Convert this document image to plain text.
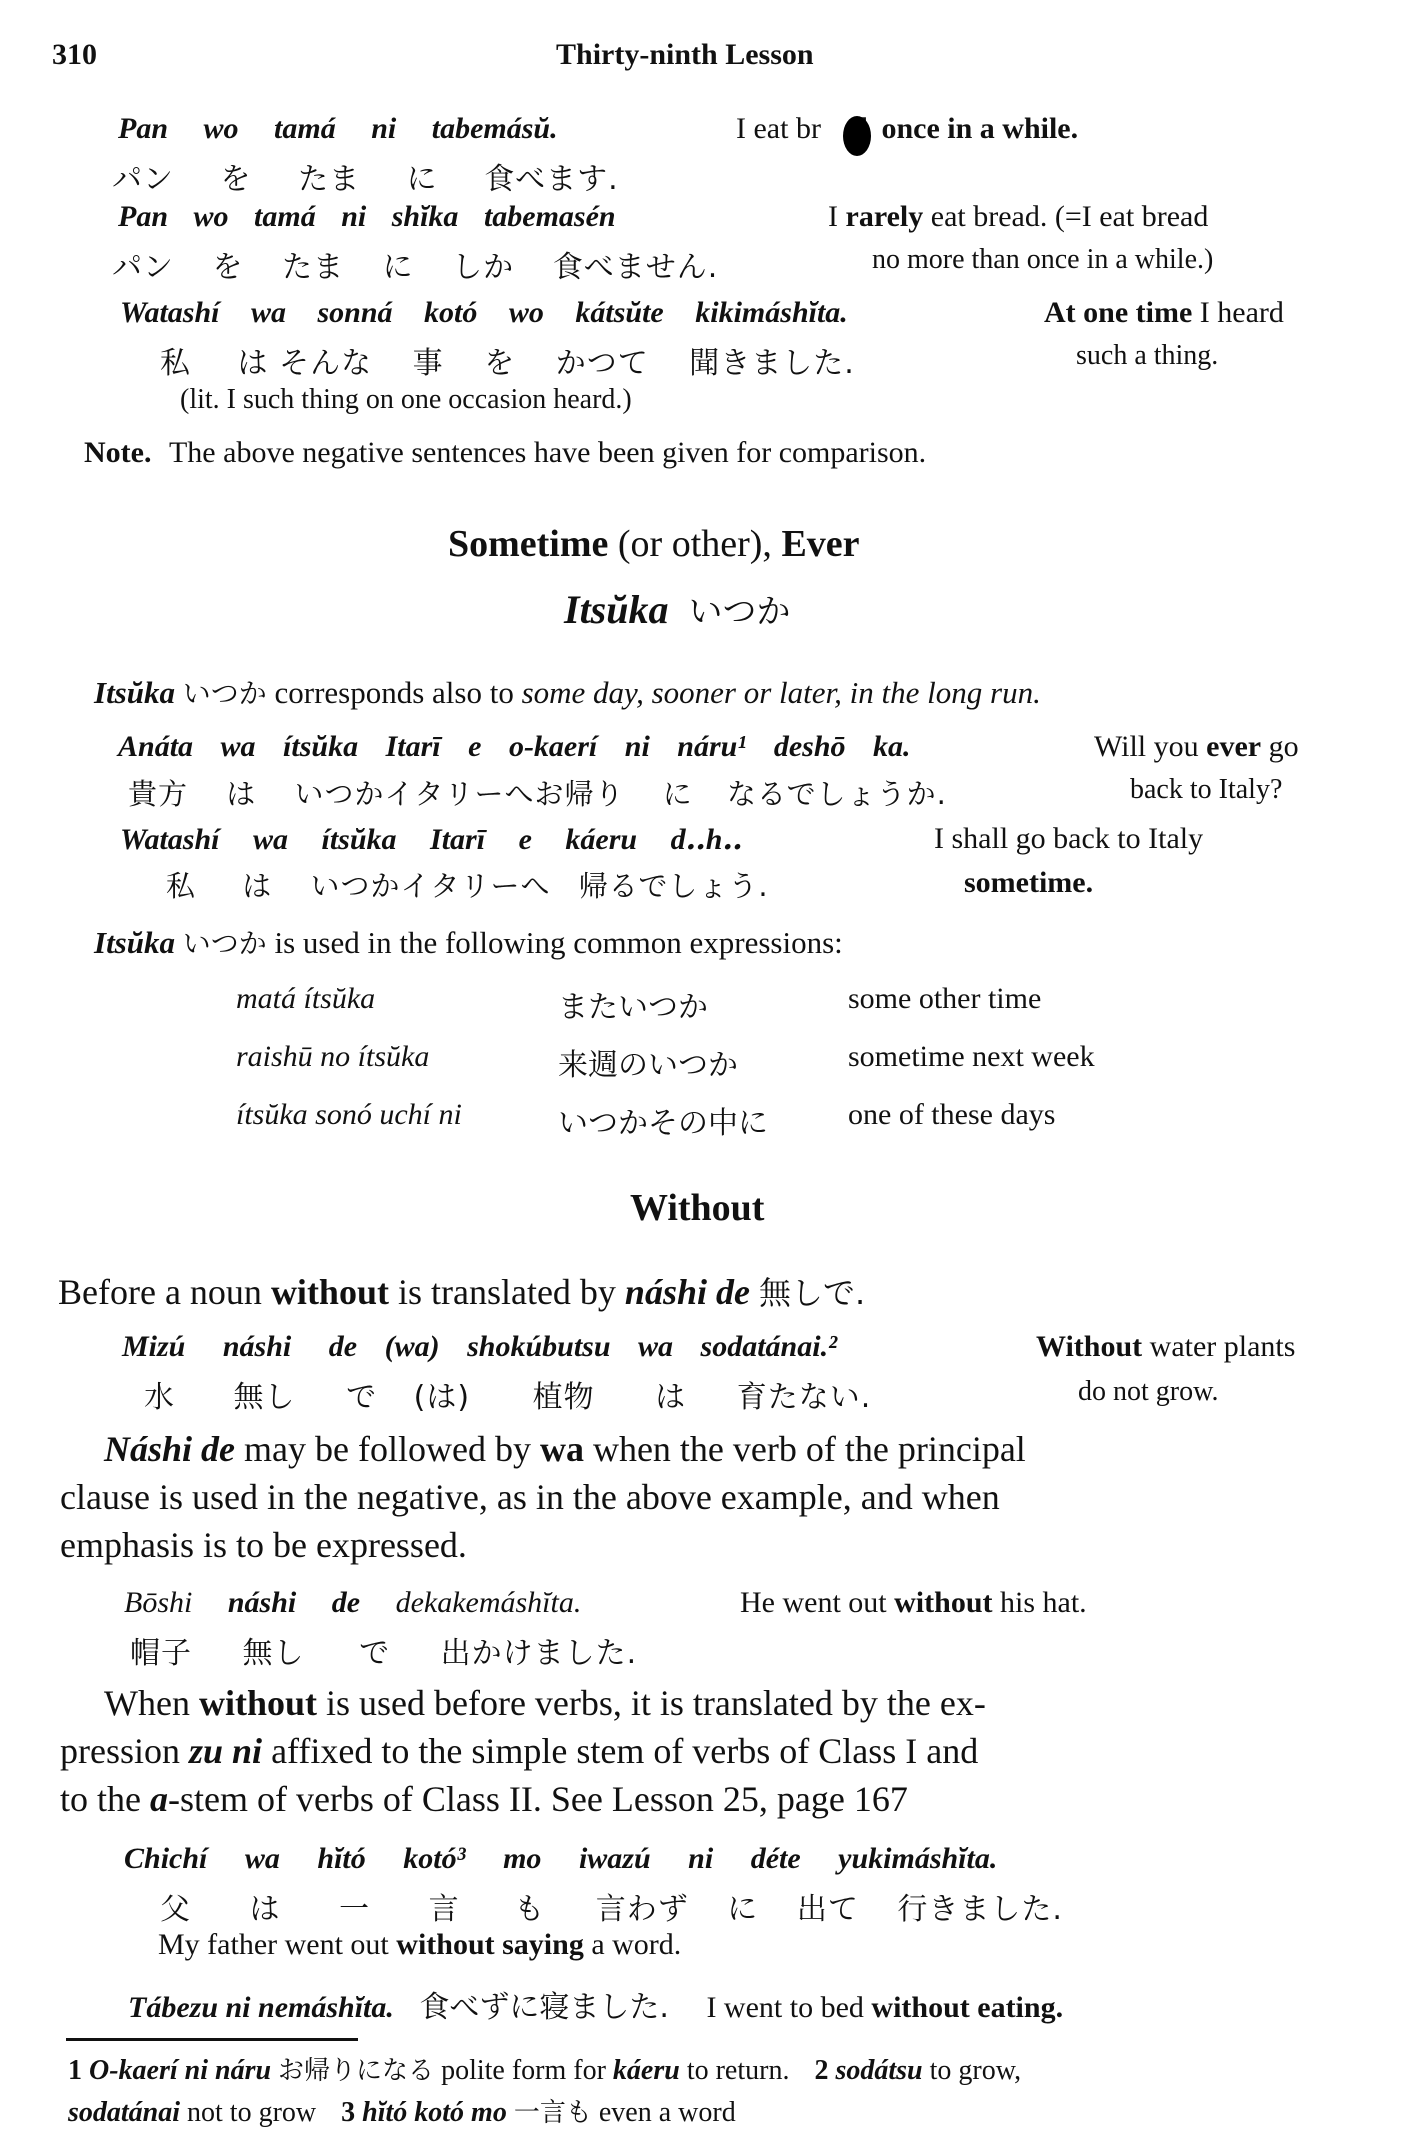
310	Thirty-ninth Lesson
Pan wo tamá ni tabemásŭ.	I eat br once in a while.
パン を たま に 食べます.
Pan wo tamá ni shĭka tabemasén	I rarely eat bread. (=I eat bread
パン を たま に しか 食べません.	no more than once in a while.)
Watashí wa sonná kotó wo kátsŭte kikimáshĭta.	At one time I heard
私 は そんな 事 を かつて 聞きました.	such a thing.
(lit. I such thing on one occasion heard.)
Note. The above negative sentences have been given for comparison.
Sometime (or other), Ever
Itsŭka いつか
Itsŭka いつか corresponds also to some day, sooner or later, in the long run.
Anáta wa ítsŭka Itarī e o-kaerí ni náru¹ deshō ka.	Will you ever go
貴方 は いつかイタリーへお帰り に なるでしょうか.	back to Italy?
Watashí wa ítsŭka Itarī e káeru d‥h‥	I shall go back to Italy
私 は いつかイタリーへ 帰るでしょう.	sometime.
Itsŭka いつか is used in the following common expressions:
matá ítsŭka	またいつか	some other time
raishū no ítsŭka	来週のいつか	sometime next week
ítsŭka sonó uchí ni	いつかその中に	one of these days
Without
Before a noun without is translated by náshi de 無しで.
Mizú náshi de (wa) shokúbutsu wa sodatánai.²	Without water plants
水 無し で (は) 植物 は 育たない.	do not grow.
Náshi de may be followed by wa when the verb of the principal
clause is used in the negative, as in the above example, and when
emphasis is to be expressed.
Bōshi náshi de dekakemáshĭta.	He went out without his hat.
帽子 無し で 出かけました.
When without is used before verbs, it is translated by the ex-
pression zu ni affixed to the simple stem of verbs of Class I and
to the a-stem of verbs of Class II. See Lesson 25, page 167
Chichí wa hĭtó kotó³ mo iwazú ni déte yukimáshĭta.
父 は 一 言 も 言わず に 出て 行きました.
My father went out without saying a word.
Tábezu ni nemáshĭta. 食べずに寝ました. I went to bed without eating.
1 O-kaerí ni náru お帰りになる polite form for káeru to return. 2 sodátsu to grow,
sodatánai not to grow 3 hĭtó kotó mo 一言も even a word
